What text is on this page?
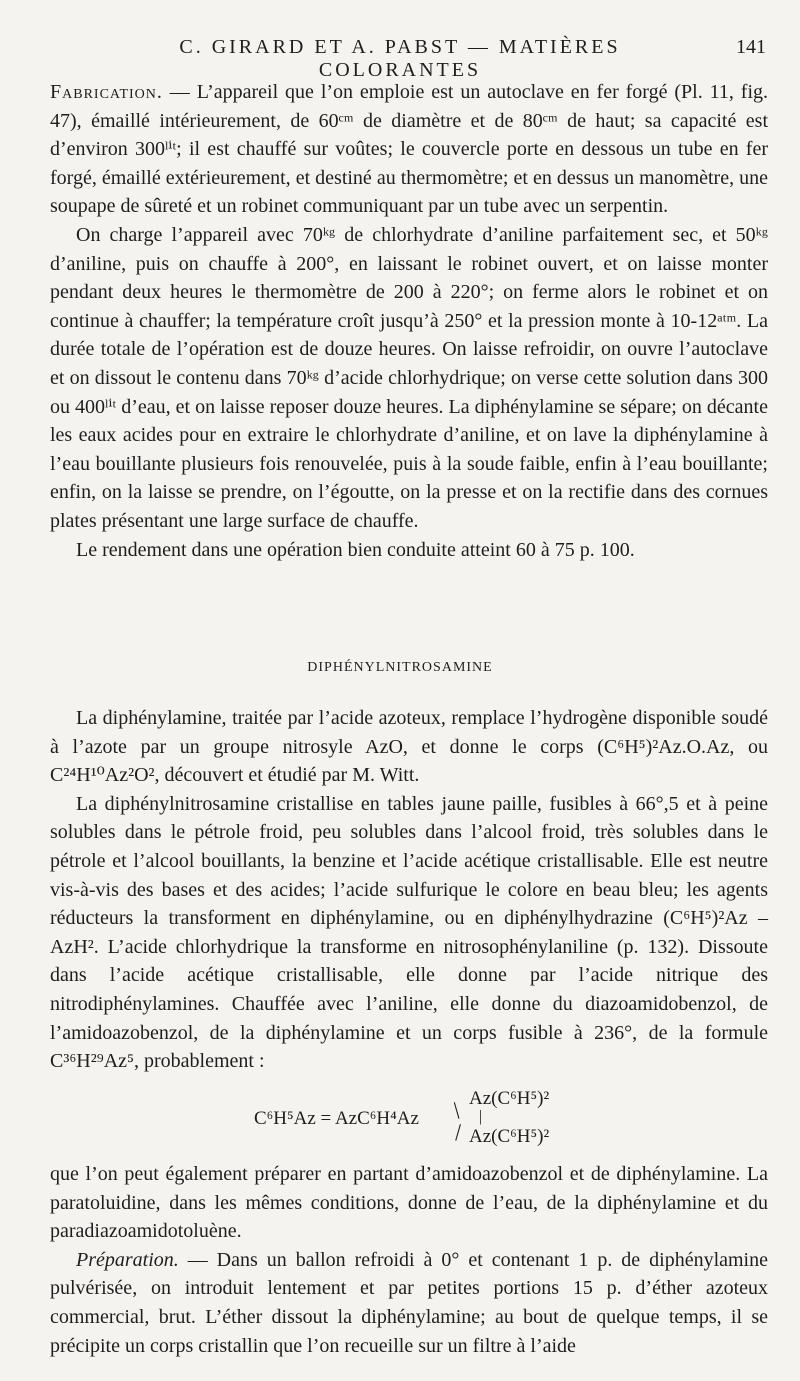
C. GIRARD ET A. PABST — MATIÈRES COLORANTES
141

Fabrication. — L’appareil que l’on emploie est un autoclave en fer forgé (Pl. 11, fig. 47), émaillé intérieurement, de 60ᶜᵐ de diamètre et de 80ᶜᵐ de haut; sa capacité est d’environ 300ˡⁱᵗ; il est chauffé sur voûtes; le couvercle porte en dessous un tube en fer forgé, émaillé extérieurement, et destiné au thermomètre; et en dessus un manomètre, une soupape de sûreté et un robinet communiquant par un tube avec un serpentin.

On charge l’appareil avec 70ᵏᵍ de chlorhydrate d’aniline parfaitement sec, et 50ᵏᵍ d’aniline, puis on chauffe à 200°, en laissant le robinet ouvert, et on laisse monter pendant deux heures le thermomètre de 200 à 220°; on ferme alors le robinet et on continue à chauffer; la température croît jusqu’à 250° et la pression monte à 10-12ᵃᵗᵐ. La durée totale de l’opération est de douze heures. On laisse refroidir, on ouvre l’autoclave et on dissout le contenu dans 70ᵏᵍ d’acide chlorhydrique; on verse cette solution dans 300 ou 400ˡⁱᵗ d’eau, et on laisse reposer douze heures. La diphénylamine se sépare; on décante les eaux acides pour en extraire le chlorhydrate d’aniline, et on lave la diphénylamine à l’eau bouillante plusieurs fois renouvelée, puis à la soude faible, enfin à l’eau bouillante; enfin, on la laisse se prendre, on l’égoutte, on la presse et on la rectifie dans des cornues plates présentant une large surface de chauffe.

Le rendement dans une opération bien conduite atteint 60 à 75 p. 100.

DIPHÉNYLNITROSAMINE

La diphénylamine, traitée par l’acide azoteux, remplace l’hydrogène disponible soudé à l’azote par un groupe nitrosyle AzO, et donne le corps (C⁶H⁵)²Az.O.Az, ou C²⁴H¹⁰Az²O², découvert et étudié par M. Witt.

La diphénylnitrosamine cristallise en tables jaune paille, fusibles à 66°,5 et à peine solubles dans le pétrole froid, peu solubles dans l’alcool froid, très solubles dans le pétrole et l’alcool bouillants, la benzine et l’acide acétique cristallisable. Elle est neutre vis-à-vis des bases et des acides; l’acide sulfurique le colore en beau bleu; les agents réducteurs la transforment en diphénylamine, ou en diphénylhydrazine (C⁶H⁵)²Az – AzH². L’acide chlorhydrique la transforme en nitrosophénylaniline (p. 132). Dissoute dans l’acide acétique cristallisable, elle donne par l’acide nitrique des nitrodiphénylamines. Chauffée avec l’aniline, elle donne du diazoamidobenzol, de l’amidoazobenzol, de la diphénylamine et un corps fusible à 236°, de la formule C³⁶H²⁹Az⁵, probablement :

C⁶H⁵Az = AzC⁶H⁴Az /
\
Az(C⁶H⁵)²
|
Az(C⁶H⁵)²

que l’on peut également préparer en partant d’amidoazobenzol et de diphénylamine. La paratoluidine, dans les mêmes conditions, donne de l’eau, de la diphénylamine et du paradiazoamidotoluène.

Préparation. — Dans un ballon refroidi à 0° et contenant 1 p. de diphénylamine pulvérisée, on introduit lentement et par petites portions 15 p. d’éther azoteux commercial, brut. L’éther dissout la diphénylamine; au bout de quelque temps, il se précipite un corps cristallin que l’on recueille sur un filtre à l’aide
